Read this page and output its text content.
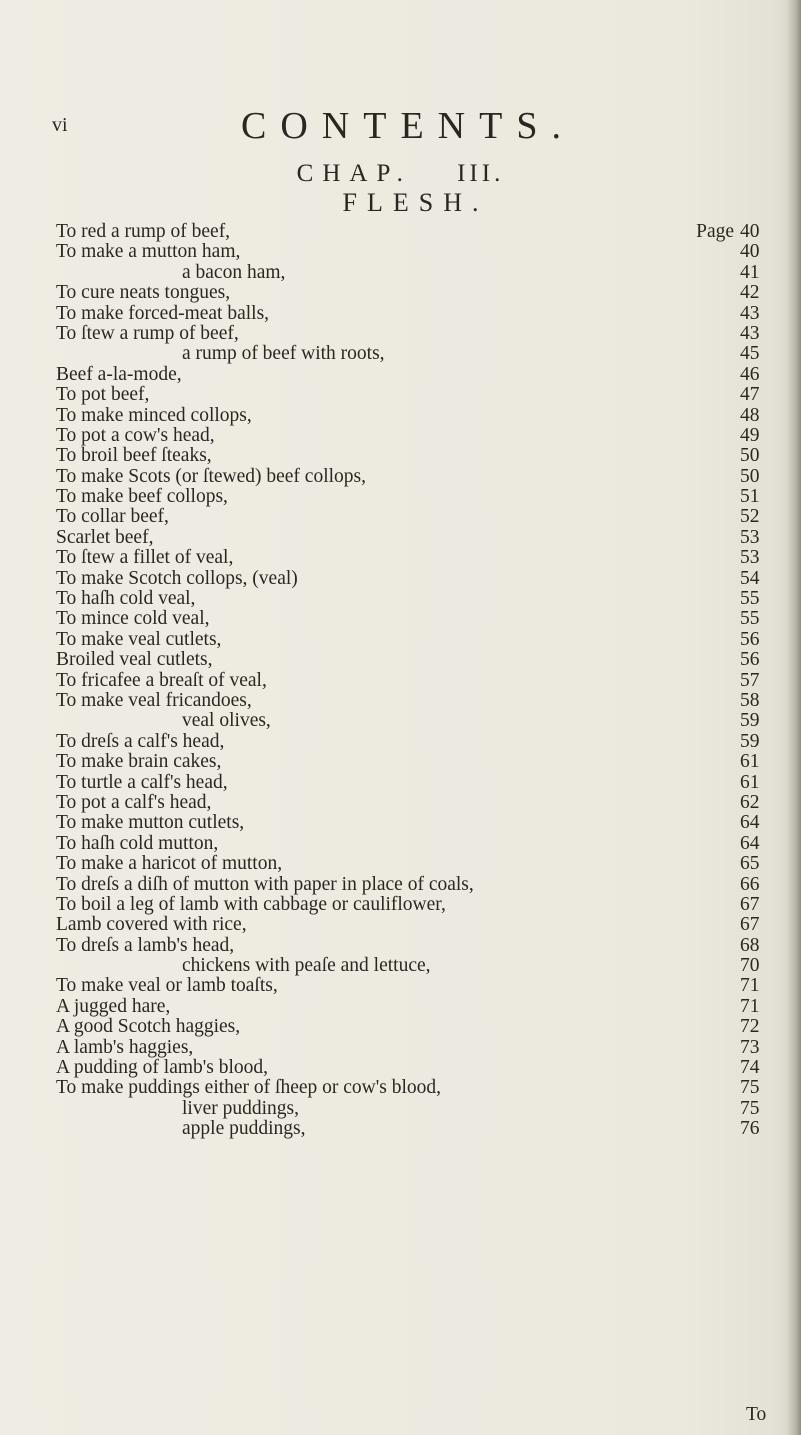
vi	CONTENTS.
CHAP. III.
FLESH.
To red a rump of beef,	Page 40
To make a mutton ham,	40
a bacon ham,	41
To cure neats tongues,	42
To make forced-meat balls,	43
To ſtew a rump of beef,	43
a rump of beef with roots,	45
Beef a-la-mode,	46
To pot beef,	47
To make minced collops,	48
To pot a cow's head,	49
To broil beef ſteaks,	50
To make Scots (or ſtewed) beef collops,	50
To make beef collops,	51
To collar beef,	52
Scarlet beef,	53
To ſtew a fillet of veal,	53
To make Scotch collops, (veal)	54
To haſh cold veal,	55
To mince cold veal,	55
To make veal cutlets,	56
Broiled veal cutlets,	56
To fricafee a breaſt of veal,	57
To make veal fricandoes,	58
veal olives,	59
To dreſs a calf's head,	59
To make brain cakes,	61
To turtle a calf's head,	61
To pot a calf's head,	62
To make mutton cutlets,	64
To haſh cold mutton,	64
To make a haricot of mutton,	65
To dreſs a diſh of mutton with paper in place of coals,	66
To boil a leg of lamb with cabbage or cauliflower,	67
Lamb covered with rice,	67
To dreſs a lamb's head,	68
chickens with peaſe and lettuce,	70
To make veal or lamb toaſts,	71
A jugged hare,	71
A good Scotch haggies,	72
A lamb's haggies,	73
A pudding of lamb's blood,	74
To make puddings either of ſheep or cow's blood,	75
liver puddings,	75
apple puddings,	76
To
